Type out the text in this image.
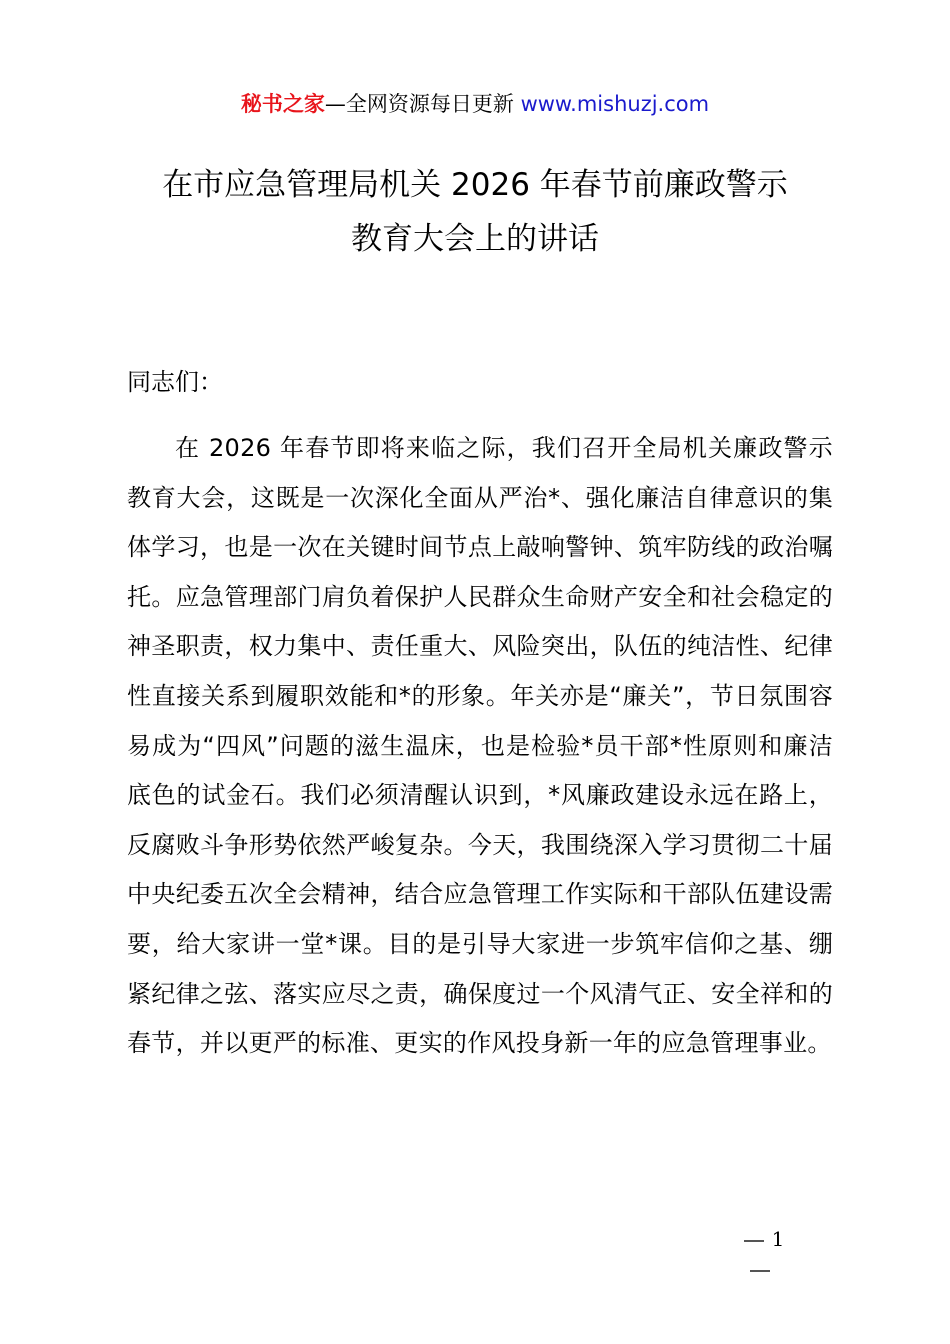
秘书之家—全网资源每日更新 www.mishuzj.com
在市应急管理局机关 2026 年春节前廉政警示
教育大会上的讲话
同志们：
在 2026 年春节即将来临之际，我们召开全局机关廉政警示教育大会，这既是一次深化全面从严治*、强化廉洁自律意识的集体学习，也是一次在关键时间节点上敲响警钟、筑牢防线的政治嘱托。应急管理部门肩负着保护人民群众生命财产安全和社会稳定的神圣职责，权力集中、责任重大、风险突出，队伍的纯洁性、纪律性直接关系到履职效能和*的形象。年关亦是“廉关”，节日氛围容易成为“四风”问题的滋生温床，也是检验*员干部*性原则和廉洁底色的试金石。我们必须清醒认识到，*风廉政建设永远在路上，反腐败斗争形势依然严峻复杂。今天，我围绕深入学习贯彻二十届中央纪委五次全会精神，结合应急管理工作实际和干部队伍建设需要，给大家讲一堂*课。目的是引导大家进一步筑牢信仰之基、绷紧纪律之弦、落实应尽之责，确保度过一个风清气正、安全祥和的春节，并以更严的标准、更实的作风投身新一年的应急管理事业。
1
